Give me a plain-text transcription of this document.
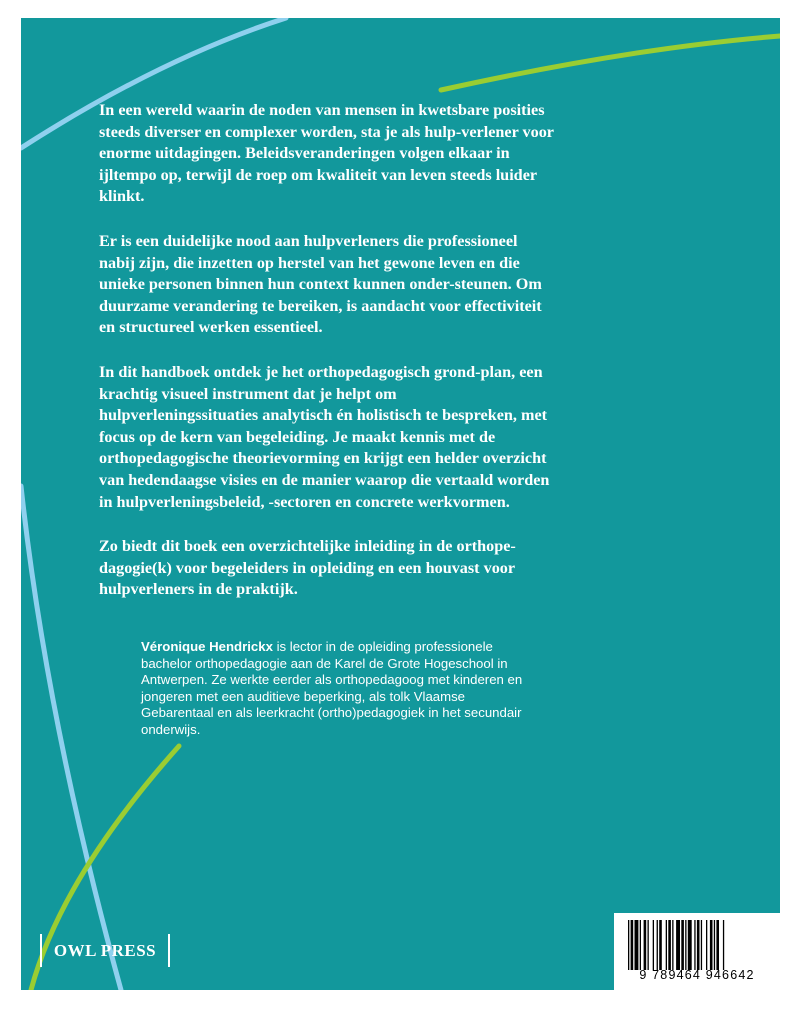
In een wereld waarin de noden van mensen in kwetsbare posities steeds diverser en complexer worden, sta je als hulp-verlener voor enorme uitdagingen. Beleidsveranderingen volgen elkaar in ijltempo op, terwijl de roep om kwaliteit van leven steeds luider klinkt.

Er is een duidelijke nood aan hulpverleners die professioneel nabij zijn, die inzetten op herstel van het gewone leven en die unieke personen binnen hun context kunnen onder-steunen. Om duurzame verandering te bereiken, is aandacht voor effectiviteit en structureel werken essentieel.

In dit handboek ontdek je het orthopedagogisch grond-plan, een krachtig visueel instrument dat je helpt om hulpverleningssituaties analytisch én holistisch te bespreken, met focus op de kern van begeleiding. Je maakt kennis met de orthopedagogische theorievorming en krijgt een helder overzicht van hedendaagse visies en de manier waarop die vertaald worden in hulpverleningsbeleid, -sectoren en concrete werkvormen.

Zo biedt dit boek een overzichtelijke inleiding in de orthope-dagogie(k) voor begeleiders in opleiding en een houvast voor hulpverleners in de praktijk.

Véronique Hendrickx is lector in de opleiding professionele bachelor orthopedagogie aan de Karel de Grote Hogeschool in Antwerpen. Ze werkte eerder als orthopedagoog met kinderen en jongeren met een auditieve beperking, als tolk Vlaamse Gebarentaal en als leerkracht (ortho)pedagogiek in het secundair onderwijs.
OWL PRESS
9 789464 946642
